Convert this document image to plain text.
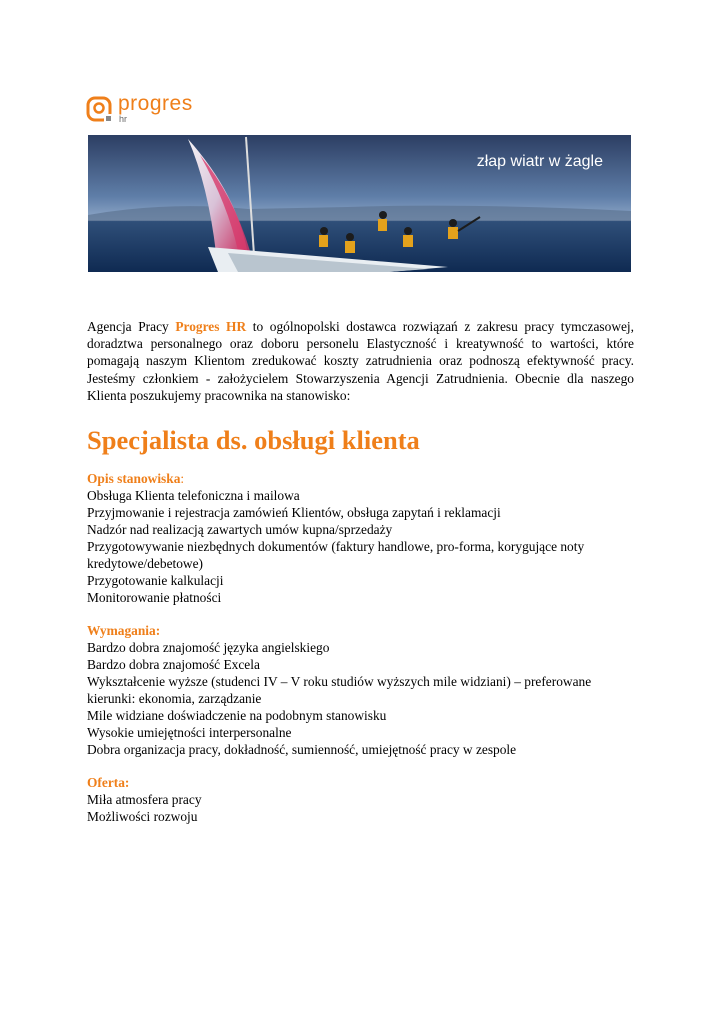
progres
hr
złap wiatr w żagle

Agencja Pracy Progres HR to ogólnopolski dostawca rozwiązań z zakresu pracy tymczasowej, doradztwa personalnego oraz doboru personelu Elastyczność i kreatywność to wartości, które pomagają naszym Klientom zredukować koszty zatrudnienia oraz podnoszą efektywność pracy. Jesteśmy członkiem - założycielem Stowarzyszenia Agencji Zatrudnienia. Obecnie dla naszego Klienta poszukujemy pracownika na stanowisko:

Specjalista ds. obsługi klienta

Opis stanowiska:

Obsługa Klienta telefoniczna i mailowa

Przyjmowanie i rejestracja zamówień Klientów, obsługa zapytań i reklamacji

Nadzór nad realizacją zawartych umów kupna/sprzedaży

Przygotowywanie niezbędnych dokumentów (faktury handlowe, pro-forma, korygujące noty kredytowe/debetowe)

Przygotowanie kalkulacji

Monitorowanie płatności

Wymagania:

Bardzo dobra znajomość języka angielskiego

Bardzo dobra znajomość Excela

Wykształcenie wyższe (studenci IV – V roku studiów wyższych mile widziani) – preferowane kierunki: ekonomia, zarządzanie

Mile widziane doświadczenie na podobnym stanowisku

Wysokie umiejętności interpersonalne

Dobra organizacja pracy, dokładność, sumienność, umiejętność pracy w zespole

Oferta:

Miła atmosfera pracy

Możliwości rozwoju
